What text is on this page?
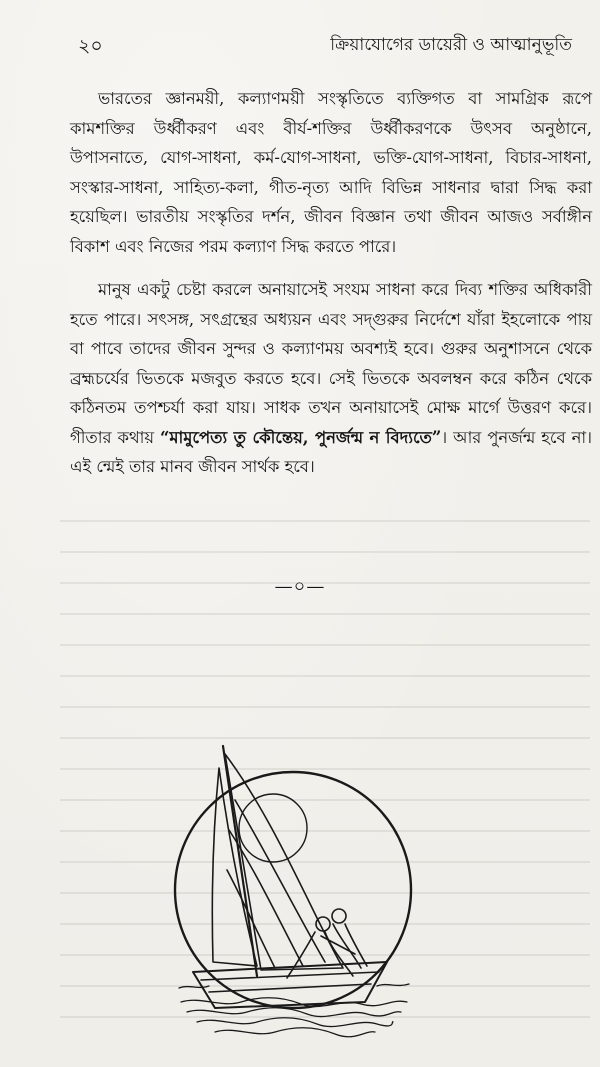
২০	ক্রিয়াযোগের ডায়েরী ও আত্মানুভূতি

ভারতের জ্ঞানময়ী, কল্যাণময়ী সংস্কৃতিতে ব্যক্তিগত বা সামগ্রিক রূপে কামশক্তির উর্ধ্বীকরণ এবং বীর্য-শক্তির উর্ধ্বীকরণকে উৎসব অনুষ্ঠানে, উপাসনাতে, যোগ-সাধনা, কর্ম-যোগ-সাধনা, ভক্তি-যোগ-সাধনা, বিচার-সাধনা, সংস্কার-সাধনা, সাহিত্য-কলা, গীত-নৃত্য আদি বিভিন্ন সাধনার দ্বারা সিদ্ধ করা হয়েছিল। ভারতীয় সংস্কৃতির দর্শন, জীবন বিজ্ঞান তথা জীবন আজও সর্বাঙ্গীন বিকাশ এবং নিজের পরম কল্যাণ সিদ্ধ করতে পারে।

মানুষ একটু চেষ্টা করলে অনায়াসেই সংযম সাধনা করে দিব্য শক্তির অধিকারী হতে পারে। সৎসঙ্গ, সৎগ্রন্থের অধ্যয়ন এবং সদ্গুরুর নির্দেশে যাঁরা ইহলোকে পায় বা পাবে তাদের জীবন সুন্দর ও কল্যাণময় অবশ্যই হবে। গুরুর অনুশাসনে থেকে ব্রহ্মচর্যের ভিতকে মজবুত করতে হবে। সেই ভিতকে অবলম্বন করে কঠিন থেকে কঠিনতম তপশ্চর্যা করা যায়। সাধক তখন অনায়াসেই মোক্ষ মার্গে উত্তরণ করে। গীতার কথায় “মামুপেত্য তু কৌন্তেয়, পুনর্জন্ম ন বিদ্যতে”। আর পুনর্জন্ম হবে না। এই ন্মেই তার মানব জীবন সার্থক হবে।

—০—
